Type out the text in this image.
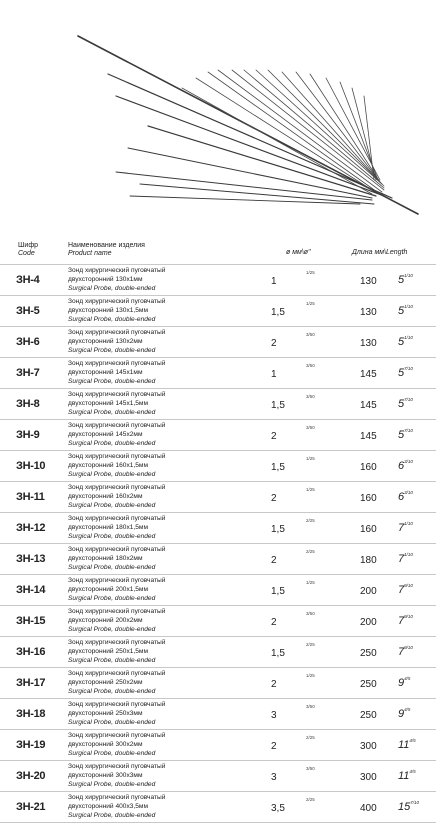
Шифр
Code
Наименование изделия
Product name	ø мм\ø"	Длина мм\Length
ЗН-4
Зонд хирургический пуговчатый
двухсторонний 130х1мм
Surgical Probe, double-ended
1
1/25
130 $5^{1/10}$
ЗН-5
Зонд хирургический пуговчатый
двухсторонний 130х1,5мм
Surgical Probe, double-ended
1,5
1/25
130 $5^{1/10}$
ЗН-6
Зонд хирургический пуговчатый
двухсторонний 130х2мм
Surgical Probe, double-ended
2
3/50
130 $5^{1/10}$
ЗН-7
Зонд хирургический пуговчатый
двухсторонний 145х1мм
Surgical Probe, double-ended
1
3/50
145 $5^{7/10}$
ЗН-8
Зонд хирургический пуговчатый
двухсторонний 145х1,5мм
Surgical Probe, double-ended
1,5
3/50
145 $5^{7/10}$
ЗН-9
Зонд хирургический пуговчатый
двухсторонний 145х2мм
Surgical Probe, double-ended
2
3/50
145 $5^{7/10}$
ЗН-10
Зонд хирургический пуговчатый
двухсторонний 160х1,5мм
Surgical Probe, double-ended
1,5
1/25
160 $6^{3/10}$
ЗН-11
Зонд хирургический пуговчатый
двухсторонний 160х2мм
Surgical Probe, double-ended
2
1/25
160 $6^{3/10}$
ЗН-12
Зонд хирургический пуговчатый
двухсторонний 180х1,5мм
Surgical Probe, double-ended
1,5
2/25
160 $7^{1/10}$
ЗН-13
Зонд хирургический пуговчатый
двухсторонний 180х2мм
Surgical Probe, double-ended
2
2/25
180 $7^{1/10}$
ЗН-14
Зонд хирургический пуговчатый
двухсторонний 200х1,5мм
Surgical Probe, double-ended
1,5
1/25
200 $7^{9/10}$
ЗН-15
Зонд хирургический пуговчатый
двухсторонний 200х2мм
Surgical Probe, double-ended
2
3/50
200 $7^{9/10}$
ЗН-16
Зонд хирургический пуговчатый
двухсторонний 250х1,5мм
Surgical Probe, double-ended
1,5
2/25
250 $7^{9/10}$
ЗН-17
Зонд хирургический пуговчатый
двухсторонний 250х2мм
Surgical Probe, double-ended
2
1/25
250 $9^{4/5}$
ЗН-18
Зонд хирургический пуговчатый
двухсторонний 250х3мм
Surgical Probe, double-ended
3
3/50
250 $9^{4/5}$
ЗН-19
Зонд хирургический пуговчатый
двухсторонний 300х2мм
Surgical Probe, double-ended
2
2/25
300 $11^{4/5}$
ЗН-20
Зонд хирургический пуговчатый
двухсторонний 300х3мм
Surgical Probe, double-ended
3
3/50
300 $11^{4/5}$
ЗН-21
Зонд хирургический пуговчатый
двухсторонний 400х3,5мм
Surgical Probe, double-ended
3,5
2/25
400 $15^{7/10}$
